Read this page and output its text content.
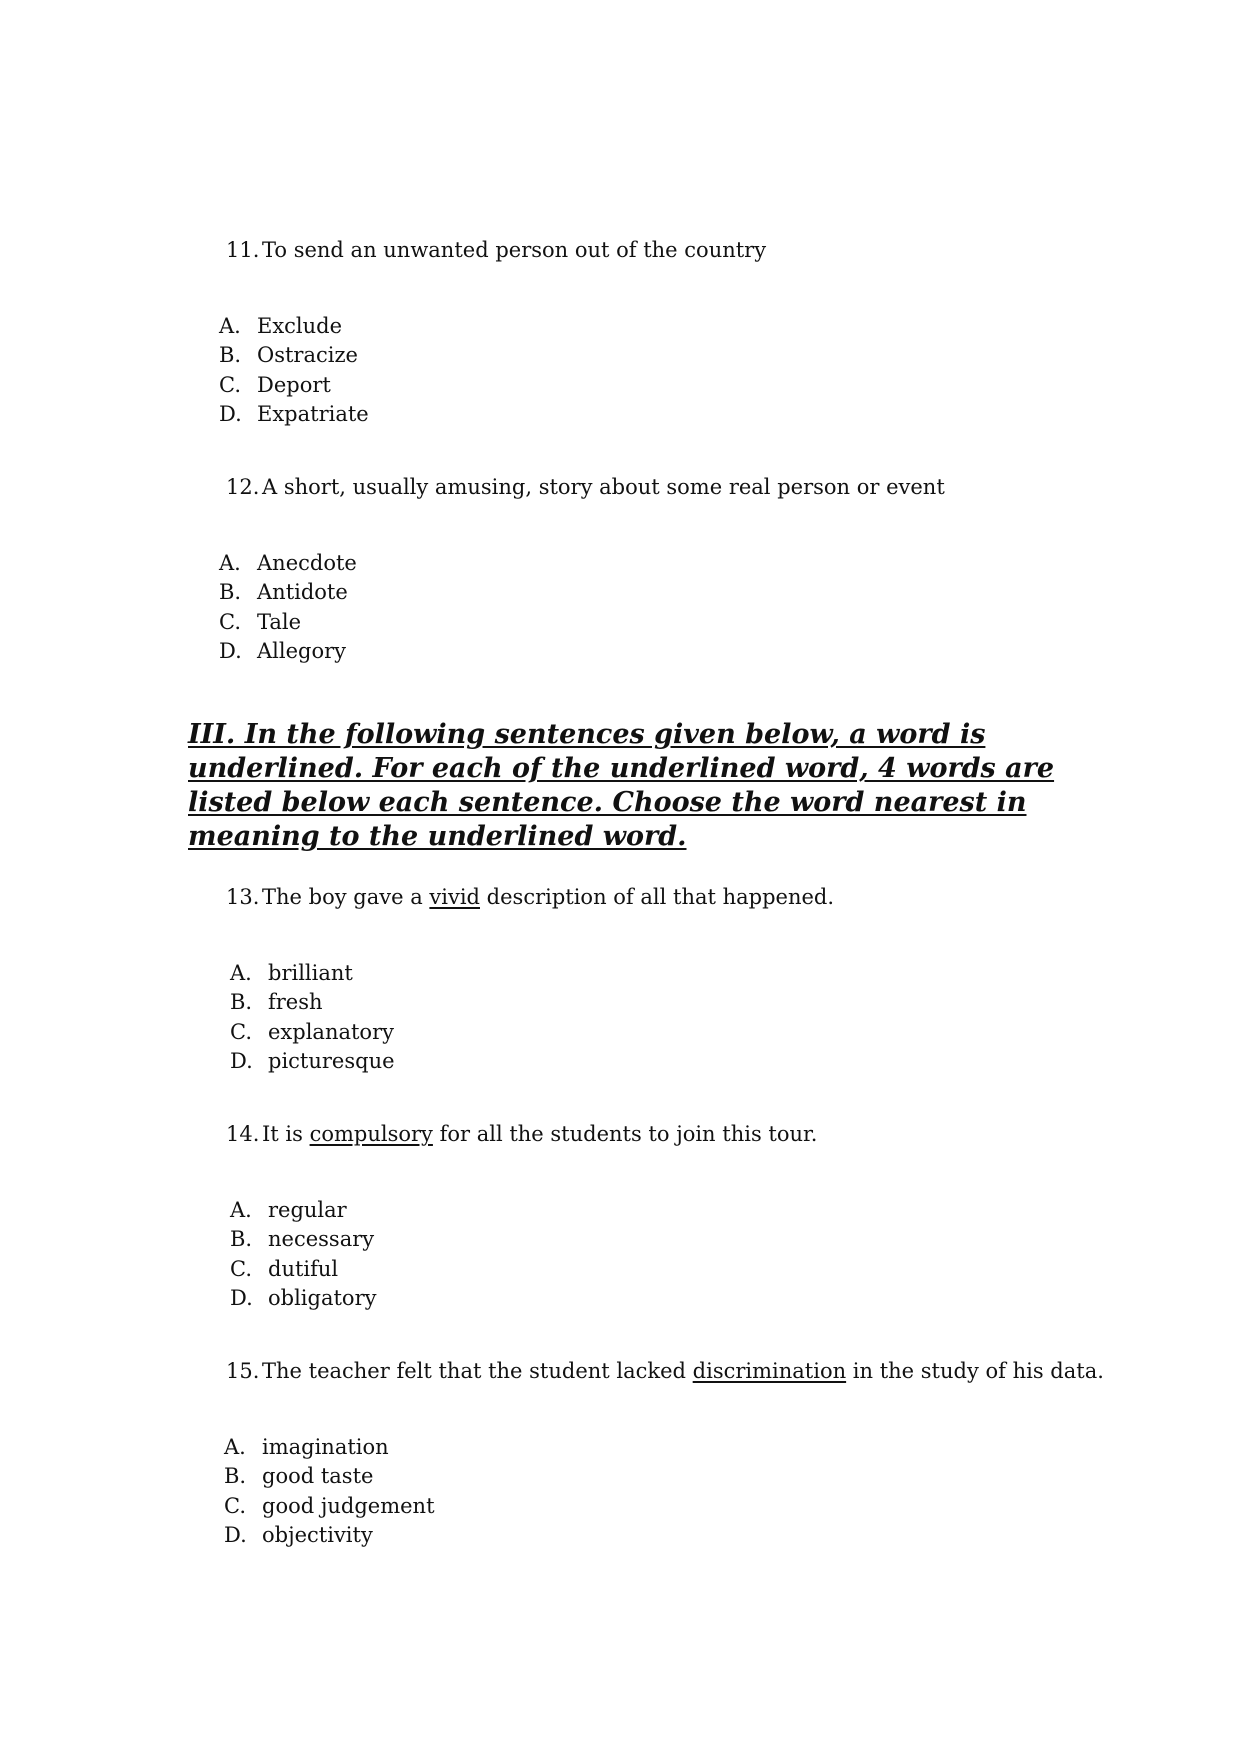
11. To send an unwanted person out of the country
A. Exclude
B. Ostracize
C. Deport
D. Expatriate
12. A short, usually amusing, story about some real person or event
A. Anecdote
B. Antidote
C. Tale
D. Allegory
III. In the following sentences given below, a word is underlined. For each of the underlined word, 4 words are listed below each sentence. Choose the word nearest in meaning to the underlined word.
13. The boy gave a vivid description of all that happened.
A. brilliant
B. fresh
C. explanatory
D. picturesque
14. It is compulsory for all the students to join this tour.
A. regular
B. necessary
C. dutiful
D. obligatory
15. The teacher felt that the student lacked discrimination in the study of his data.
A. imagination
B. good taste
C. good judgement
D. objectivity
